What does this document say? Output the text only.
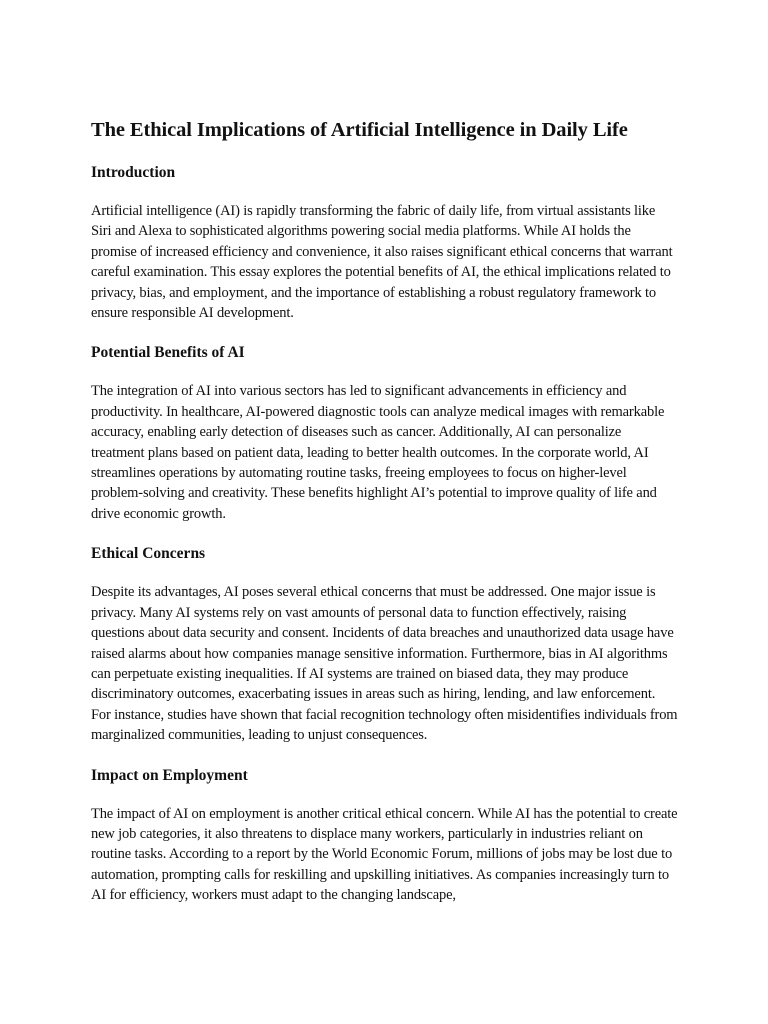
The Ethical Implications of Artificial Intelligence in Daily Life
Introduction

Artificial intelligence (AI) is rapidly transforming the fabric of daily life, from virtual assistants like Siri and Alexa to sophisticated algorithms powering social media platforms. While AI holds the promise of increased efficiency and convenience, it also raises significant ethical concerns that warrant careful examination. This essay explores the potential benefits of AI, the ethical implications related to privacy, bias, and employment, and the importance of establishing a robust regulatory framework to ensure responsible AI development.

Potential Benefits of AI

The integration of AI into various sectors has led to significant advancements in efficiency and productivity. In healthcare, AI-powered diagnostic tools can analyze medical images with remarkable accuracy, enabling early detection of diseases such as cancer. Additionally, AI can personalize treatment plans based on patient data, leading to better health outcomes. In the corporate world, AI streamlines operations by automating routine tasks, freeing employees to focus on higher-level problem-solving and creativity. These benefits highlight AI’s potential to improve quality of life and drive economic growth.

Ethical Concerns

Despite its advantages, AI poses several ethical concerns that must be addressed. One major issue is privacy. Many AI systems rely on vast amounts of personal data to function effectively, raising questions about data security and consent. Incidents of data breaches and unauthorized data usage have raised alarms about how companies manage sensitive information. Furthermore, bias in AI algorithms can perpetuate existing inequalities. If AI systems are trained on biased data, they may produce discriminatory outcomes, exacerbating issues in areas such as hiring, lending, and law enforcement. For instance, studies have shown that facial recognition technology often misidentifies individuals from marginalized communities, leading to unjust consequences.

Impact on Employment

The impact of AI on employment is another critical ethical concern. While AI has the potential to create new job categories, it also threatens to displace many workers, particularly in industries reliant on routine tasks. According to a report by the World Economic Forum, millions of jobs may be lost due to automation, prompting calls for reskilling and upskilling initiatives. As companies increasingly turn to AI for efficiency, workers must adapt to the changing landscape,
